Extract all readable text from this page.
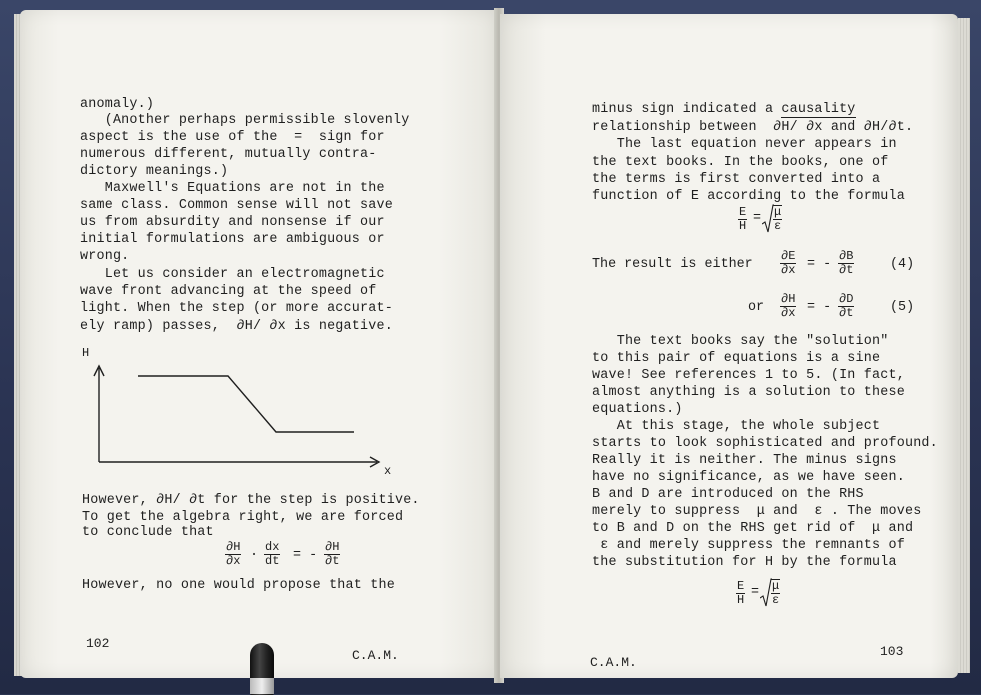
anomaly.)
(Another perhaps permissible slovenly
aspect is the use of the  =  sign for
numerous different, mutually contra-
dictory meanings.)
Maxwell's Equations are not in the
same class. Common sense will not save
us from absurdity and nonsense if our
initial formulations are ambiguous or
wrong.
Let us consider an electromagnetic
wave front advancing at the speed of
light. When the step (or more accurat-
ely ramp) passes,  ∂H/ ∂x is negative.
H
x
However, ∂H/ ∂t for the step is positive.
To get the algebra right, we are forced
to conclude that
$\frac{\partial H}{\partial x} \cdot \frac{dx}{dt}$ = - $\frac{\partial H}{\partial t}$
However, no one would propose that the
102
C.A.M.
minus sign indicated a causality
relationship between  ∂H/ ∂x and ∂H/∂t.
The last equation never appears in
the text books. In the books, one of
the terms is first converted into a
function of E according to the formula
$\frac{E}{H} = \frac{\mu}{\varepsilon}$
The result is either $\frac{\partial E}{\partial x}$ = - $\frac{\partial B}{\partial t}$	(4)
or $\frac{\partial H}{\partial x}$ = - $\frac{\partial D}{\partial t}$	(5)
The text books say the "solution"
to this pair of equations is a sine
wave! See references 1 to 5. (In fact,
almost anything is a solution to these
equations.)
At this stage, the whole subject
starts to look sophisticated and profound.
Really it is neither. The minus signs
have no significance, as we have seen.
B and D are introduced on the RHS
merely to suppress  μ and  ε . The moves
to B and D on the RHS get rid of  μ and
ε and merely suppress the remnants of
the substitution for H by the formula
$\frac{E}{H} = \frac{\mu}{\varepsilon}$
C.A.M.
103
